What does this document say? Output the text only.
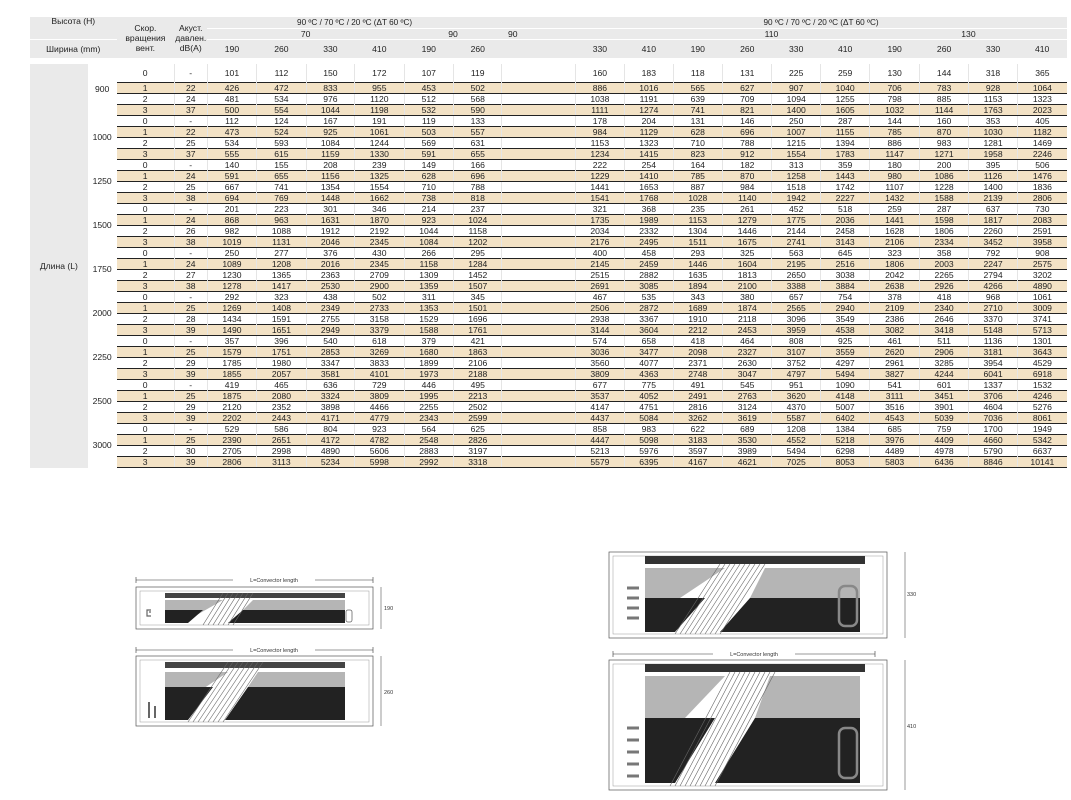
Высота (H)		Скор. вращения вент.	Акуст. давлен. dB(A)	90 ºC / 70 ºC / 20 ºC (ΔT 60 ºC)							90 ºC / 70 ºC / 20 ºC (ΔT 60 ºC)									
				70				90		90			110				130			
Ширина (mm)				190	260	330	410	190	260		330	410	190	260	330	410	190	260	330	410

Длина (L)	900	0	-	101	112	150	172	107	119		160	183	118	131	225	259	130	144	318	365
		1	22	426	472	833	955	453	502		886	1016	565	627	907	1040	706	783	928	1064
		2	24	481	534	976	1120	512	568		1038	1191	639	709	1094	1255	798	885	1153	1323
		3	37	500	554	1044	1198	532	590		1111	1274	741	821	1400	1605	1032	1144	1763	2023
	1000	0	-	112	124	167	191	119	133		178	204	131	146	250	287	144	160	353	405
		1	22	473	524	925	1061	503	557		984	1129	628	696	1007	1155	785	870	1030	1182
		2	25	534	593	1084	1244	569	631		1153	1323	710	788	1215	1394	886	983	1281	1469
		3	37	555	615	1159	1330	591	655		1234	1415	823	912	1554	1783	1147	1271	1958	2246
	1250	0	-	140	155	208	239	149	166		222	254	164	182	313	359	180	200	395	506
		1	24	591	655	1156	1325	628	696		1229	1410	785	870	1258	1443	980	1086	1126	1476
		2	25	667	741	1354	1554	710	788		1441	1653	887	984	1518	1742	1107	1228	1400	1836
		3	38	694	769	1448	1662	738	818		1541	1768	1028	1140	1942	2227	1432	1588	2139	2806
	1500	0	-	201	223	301	346	214	237		321	368	235	261	452	518	259	287	637	730
		1	24	868	963	1631	1870	923	1024		1735	1989	1153	1279	1775	2036	1441	1598	1817	2083
		2	26	982	1088	1912	2192	1044	1158		2034	2332	1304	1446	2144	2458	1628	1806	2260	2591
		3	38	1019	1131	2046	2345	1084	1202		2176	2495	1511	1675	2741	3143	2106	2334	3452	3958
	1750	0	-	250	277	376	430	266	295		400	458	293	325	563	645	323	358	792	908
		1	24	1089	1208	2016	2345	1158	1284		2145	2459	1446	1604	2195	2516	1806	2003	2247	2575
		2	27	1230	1365	2363	2709	1309	1452		2515	2882	1635	1813	2650	3038	2042	2265	2794	3202
		3	38	1278	1417	2530	2900	1359	1507		2691	3085	1894	2100	3388	3884	2638	2926	4266	4890
	2000	0	-	292	323	438	502	311	345		467	535	343	380	657	754	378	418	968	1061
		1	25	1269	1408	2349	2733	1353	1501		2506	2872	1689	1874	2565	2940	2109	2340	2710	3009
		2	28	1434	1591	2755	3158	1529	1696		2938	3367	1910	2118	3096	3549	2386	2646	3370	3741
		3	39	1490	1651	2949	3379	1588	1761		3144	3604	2212	2453	3959	4538	3082	3418	5148	5713
	2250	0	-	357	396	540	618	379	421		574	658	418	464	808	925	461	511	1136	1301
		1	25	1579	1751	2853	3269	1680	1863		3036	3477	2098	2327	3107	3559	2620	2906	3181	3643
		2	29	1785	1980	3347	3833	1899	2106		3560	4077	2371	2630	3752	4297	2961	3285	3954	4529
		3	39	1855	2057	3581	4101	1973	2188		3809	4363	2748	3047	4797	5494	3827	4244	6041	6918
	2500	0	-	419	465	636	729	446	495		677	775	491	545	951	1090	541	601	1337	1532
		1	25	1875	2080	3324	3809	1995	2213		3537	4052	2491	2763	3620	4148	3111	3451	3706	4246
		2	29	2120	2352	3898	4466	2255	2502		4147	4751	2816	3124	4370	5007	3516	3901	4604	5276
		3	39	2202	2443	4171	4779	2343	2599		4437	5084	3262	3619	5587	6402	4543	5039	7036	8061
	3000	0	-	529	586	804	923	564	625		858	983	622	689	1208	1384	685	759	1700	1949
		1	25	2390	2651	4172	4782	2548	2826		4447	5098	3183	3530	4552	5218	3976	4409	4660	5342
		2	30	2705	2998	4890	5606	2883	3197		5213	5976	3597	3989	5494	6298	4489	4978	5790	6637
		3	39	2806	3113	5234	5998	2992	3318		5579	6395	4167	4621	7025	8053	5803	6436	8846	10141
L=Convector length
190
L=Convector length
260
330
L=Convector length
410
